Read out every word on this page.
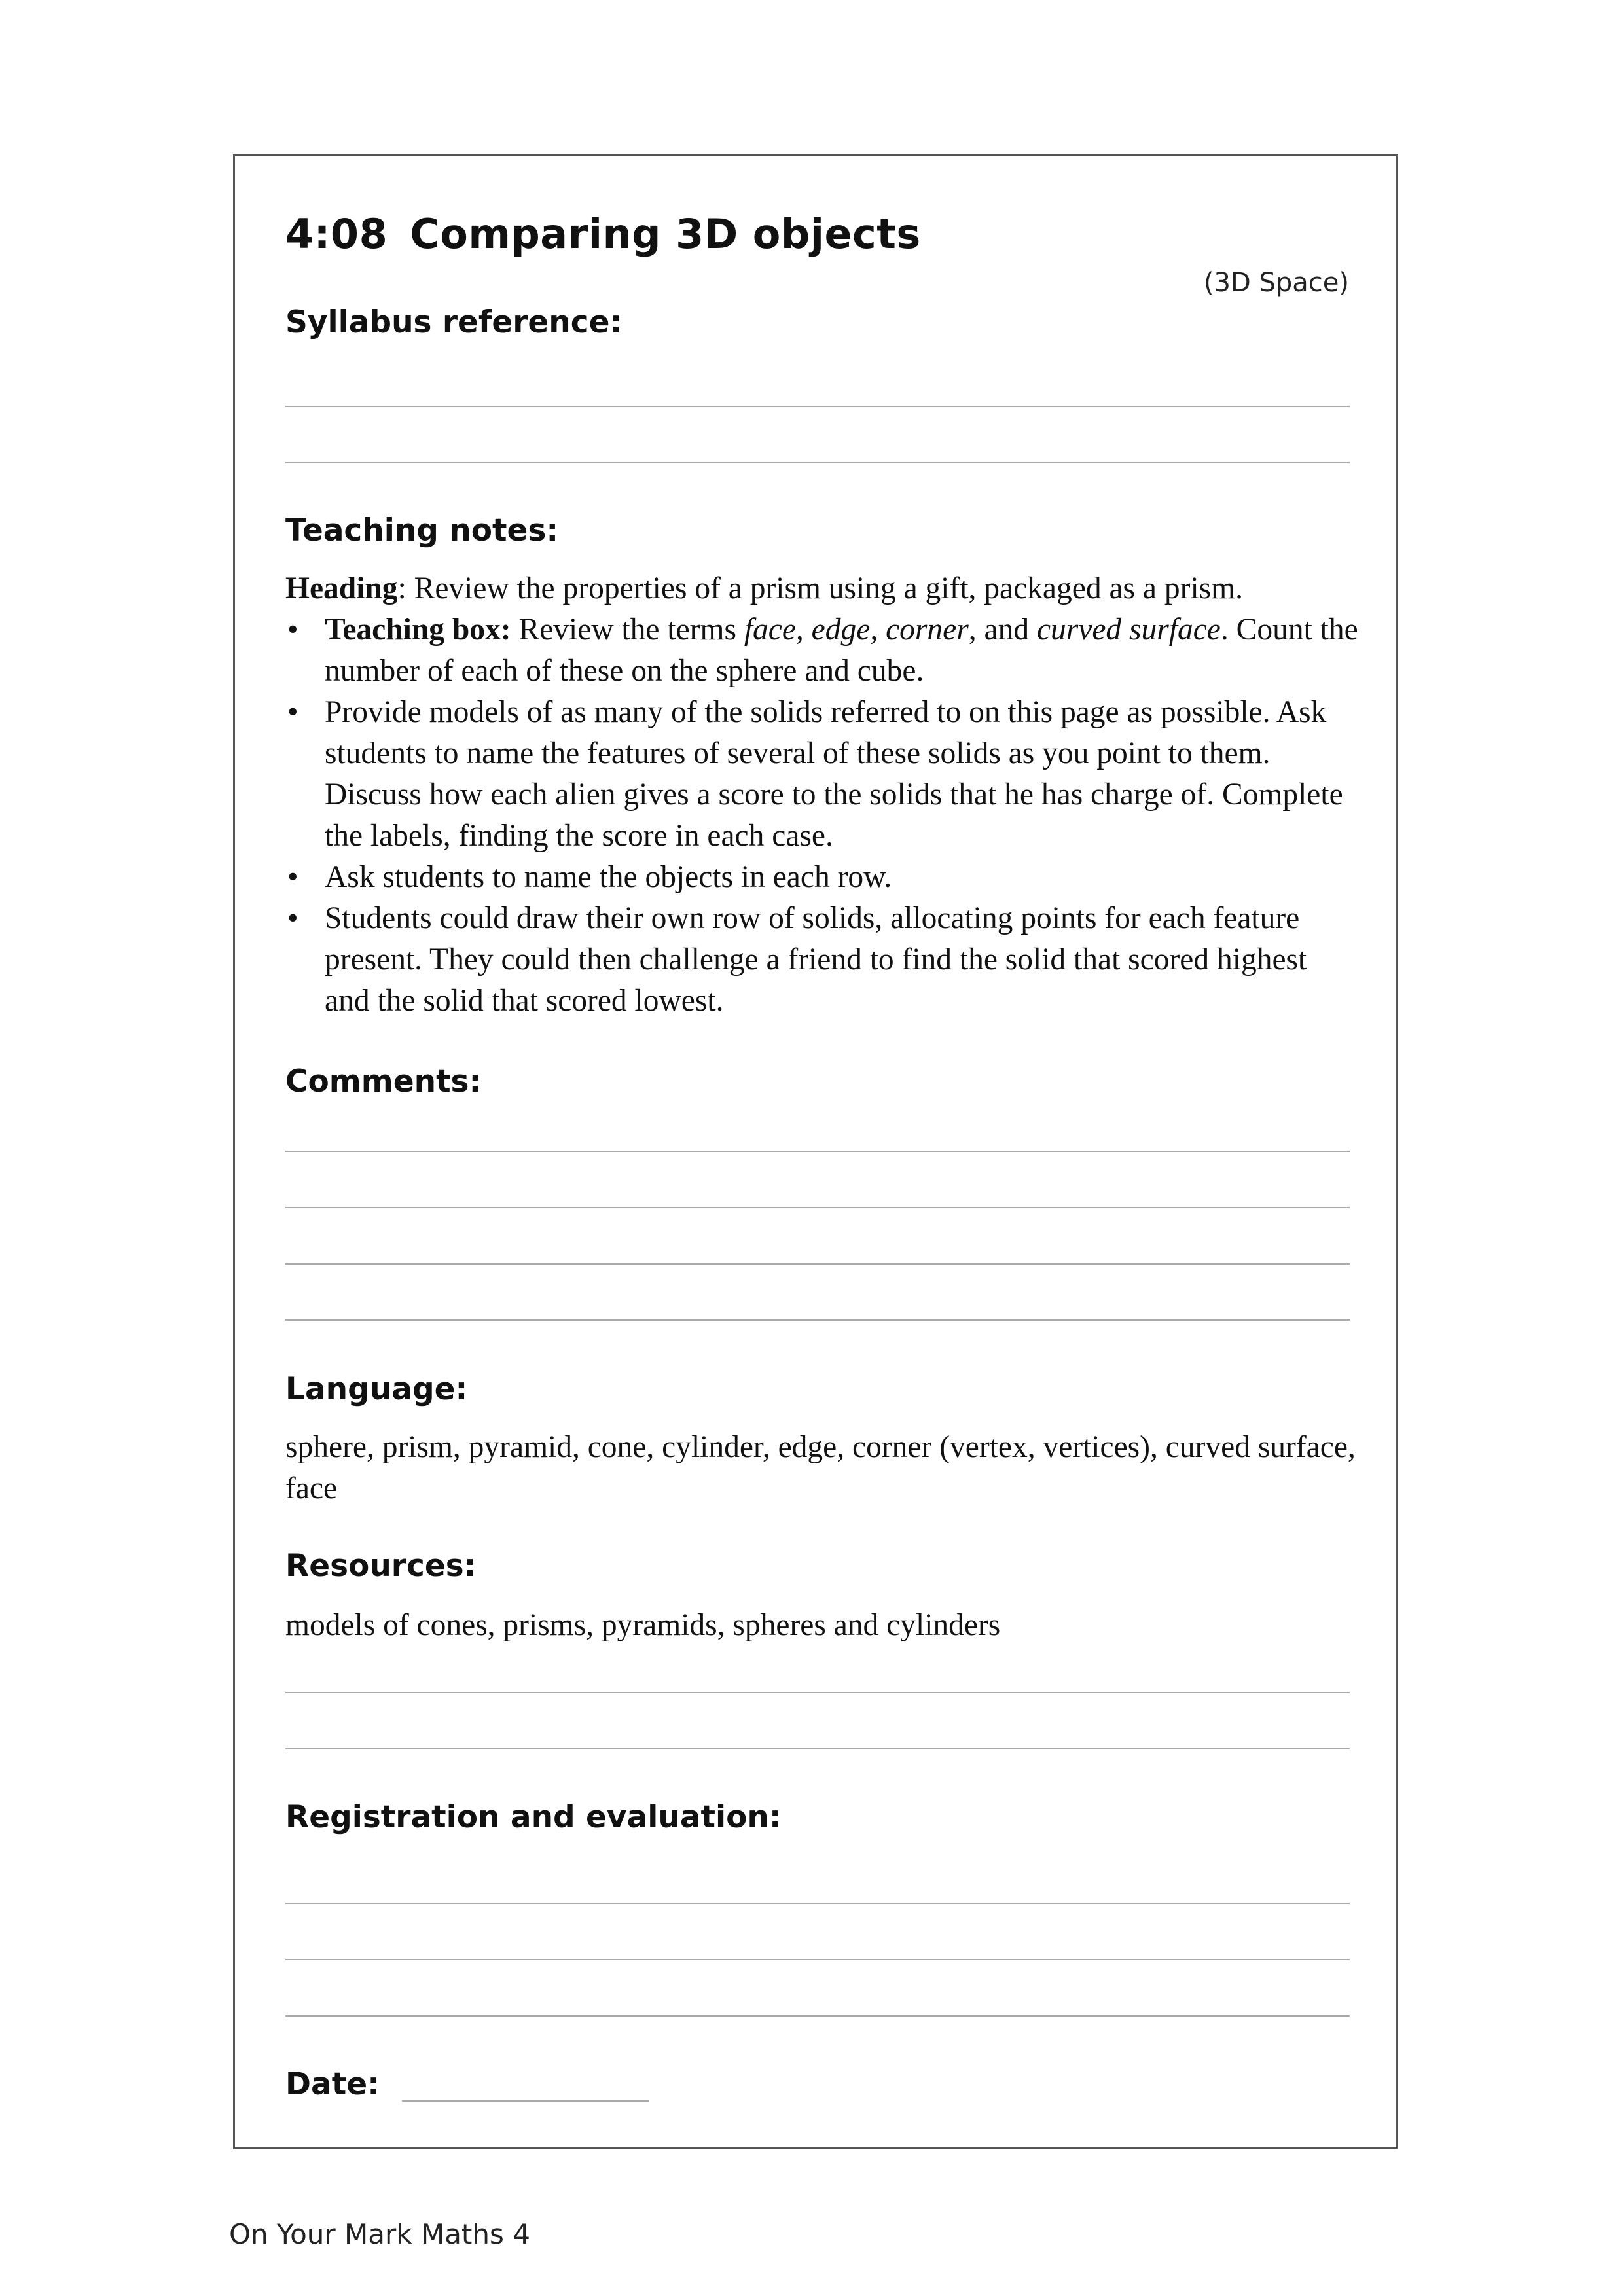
4:08 Comparing 3D objects
(3D Space)
Syllabus reference:
Teaching notes:

Heading: Review the properties of a prism using a gift, packaged as a prism.

• Teaching box: Review the terms face, edge, corner, and curved surface. Count the number of each of these on the sphere and cube.
• Provide models of as many of the solids referred to on this page as possible. Ask students to name the features of several of these solids as you point to them. Discuss how each alien gives a score to the solids that he has charge of. Complete the labels, finding the score in each case.
• Ask students to name the objects in each row.
• Students could draw their own row of solids, allocating points for each feature present. They could then challenge a friend to find the solid that scored highest and the solid that scored lowest.
Comments:
Language:

sphere, prism, pyramid, cone, cylinder, edge, corner (vertex, vertices), curved surface, face

Resources:

models of cones, prisms, pyramids, spheres and cylinders

Registration and evaluation:
Date:
On Your Mark Maths 4
